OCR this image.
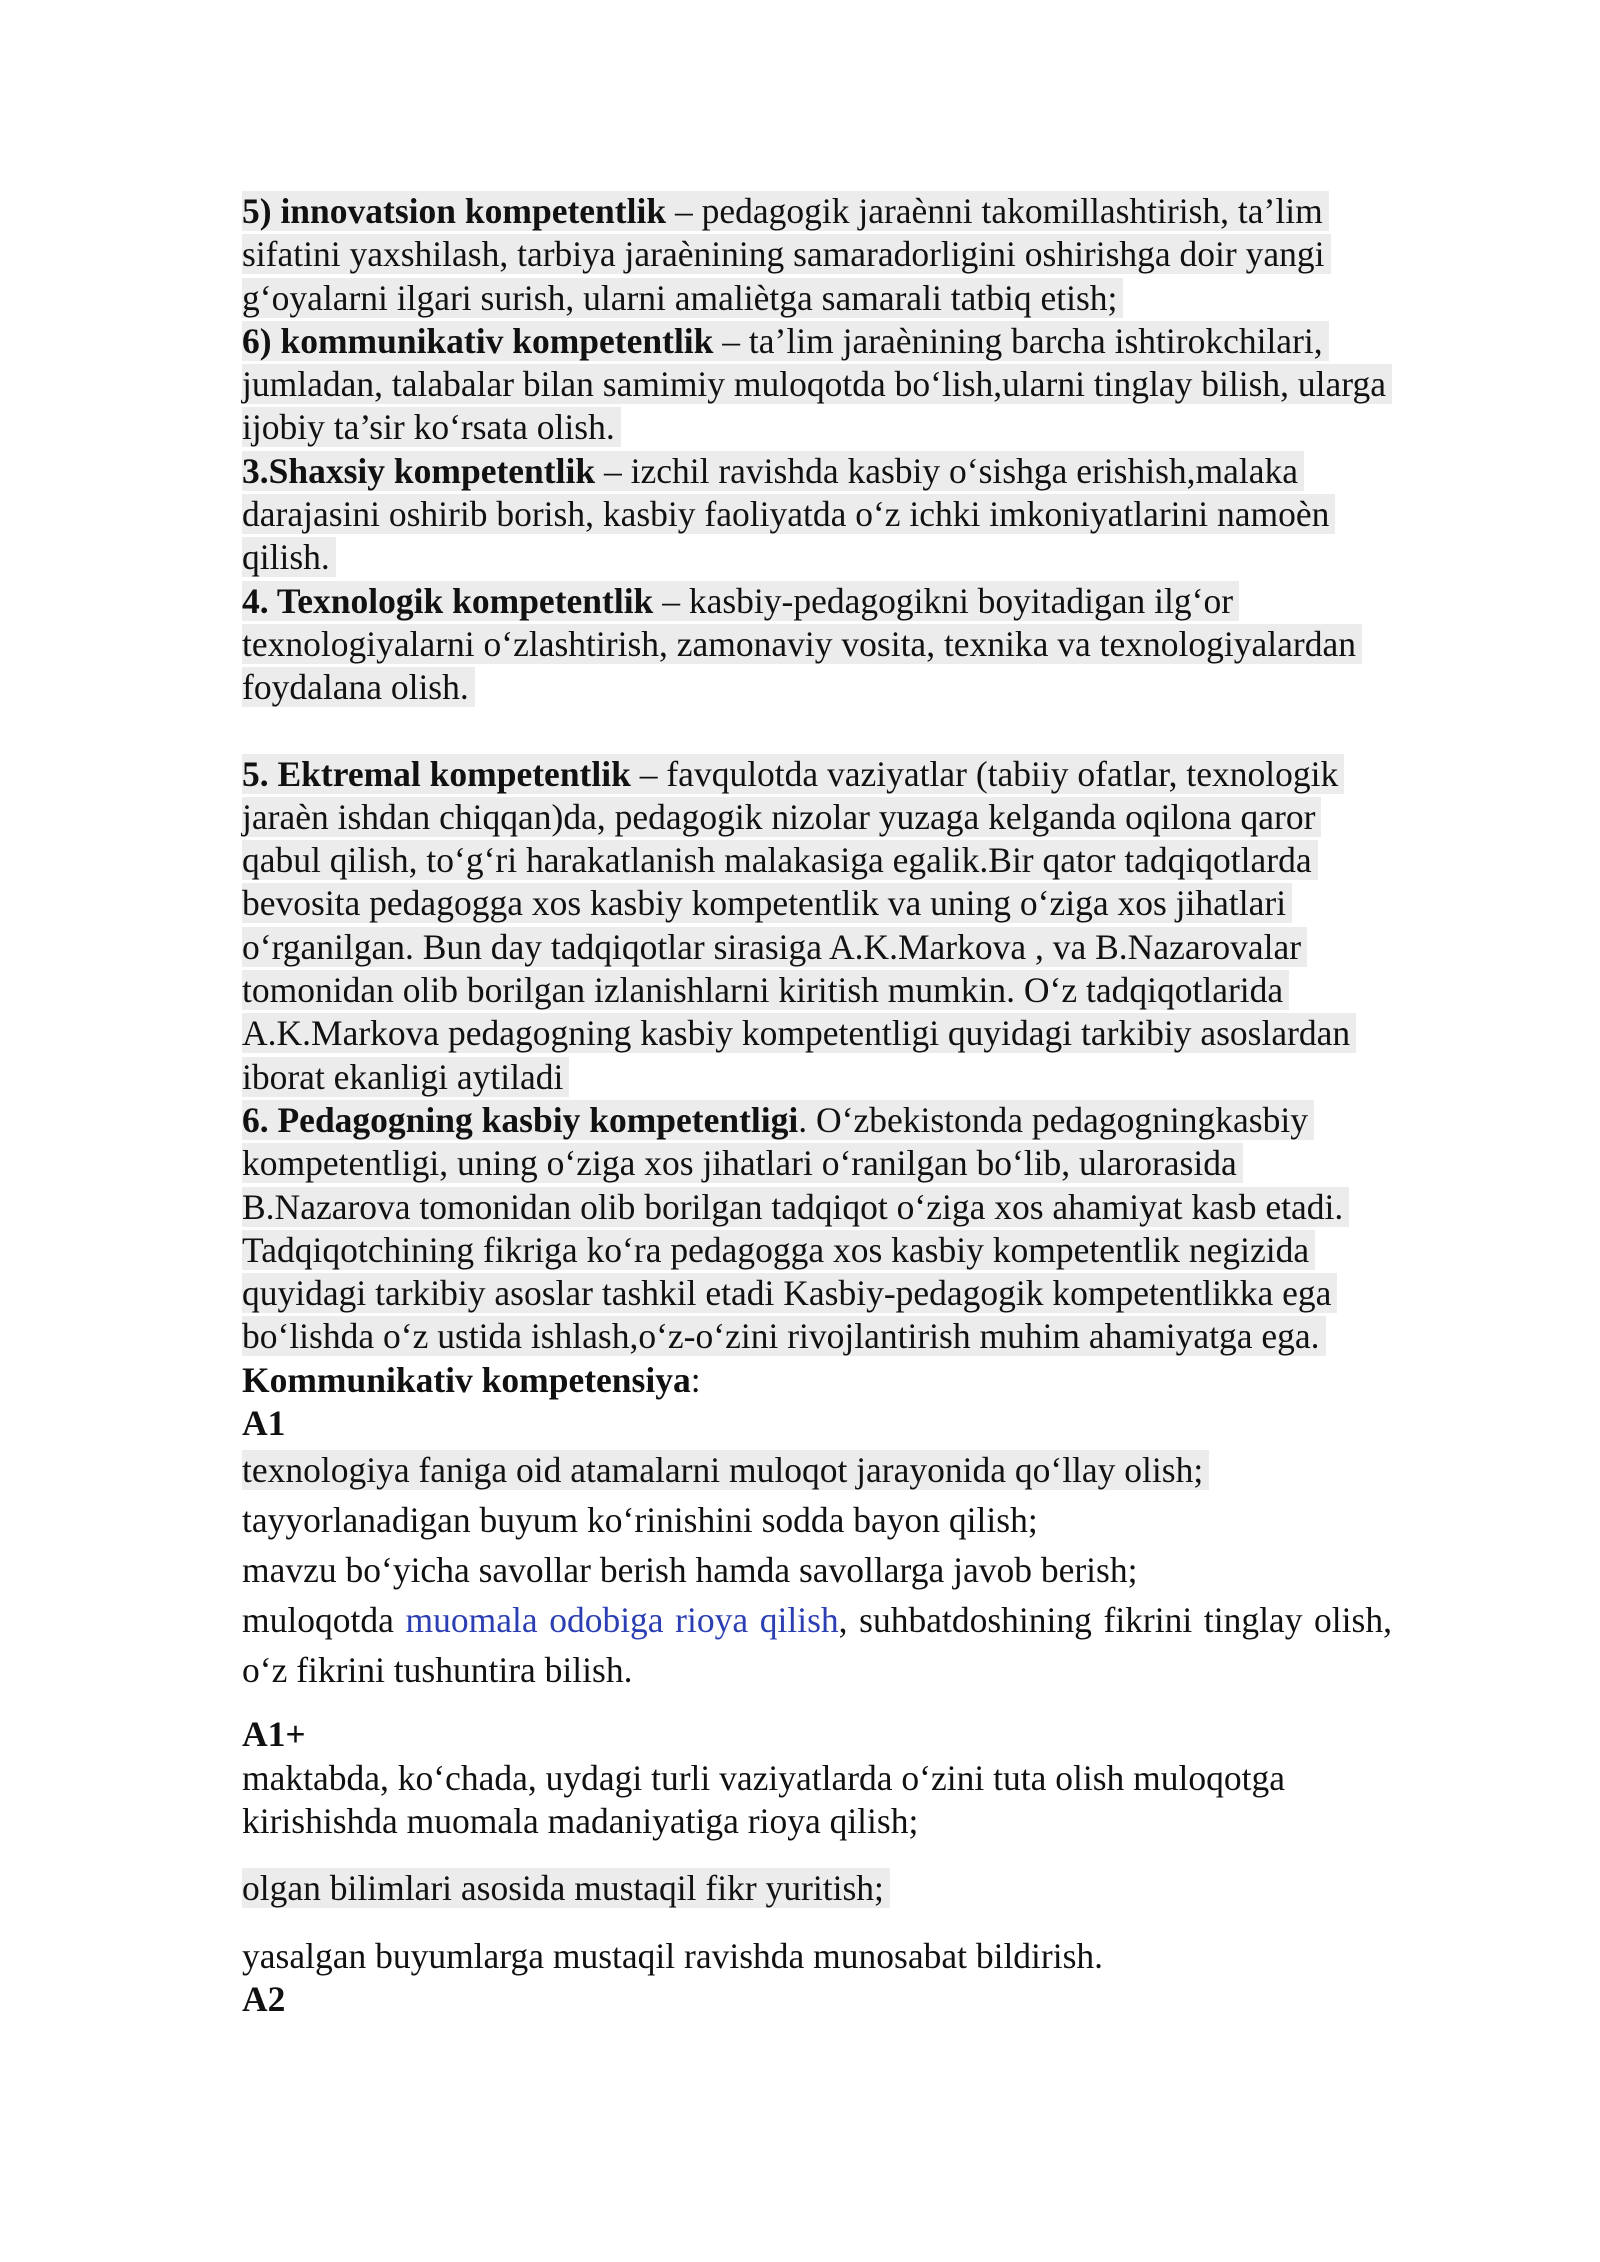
5) innovatsion kompetentlik – pedagogik jaraènni takomillashtirish, ta’lim sifatini yaxshilash, tarbiya jaraènining samaradorligini oshirishga doir yangi g‘oyalarni ilgari surish, ularni amaliètga samarali tatbiq etish;

6) kommunikativ kompetentlik – ta’lim jaraènining barcha ishtirokchilari, jumladan, talabalar bilan samimiy muloqotda bo‘lish,ularni tinglay bilish, ularga ijobiy ta’sir ko‘rsata olish.

3.Shaxsiy kompetentlik – izchil ravishda kasbiy o‘sishga erishish,malaka darajasini oshirib borish, kasbiy faoliyatda o‘z ichki imkoniyatlarini namoèn qilish.

4. Texnologik kompetentlik – kasbiy-pedagogikni boyitadigan ilg‘or texnologiyalarni o‘zlashtirish, zamonaviy vosita, texnika va texnologiyalardan foydalana olish.

5. Ektremal kompetentlik – favqulotda vaziyatlar (tabiiy ofatlar, texnologik jaraèn ishdan chiqqan)da, pedagogik nizolar yuzaga kelganda oqilona qaror qabul qilish, to‘g‘ri harakatlanish malakasiga egalik.Bir qator tadqiqotlarda bevosita pedagogga xos kasbiy kompetentlik va uning o‘ziga xos jihatlari o‘rganilgan. Bun day tadqiqotlar sirasiga A.K.Markova , va B.Nazarovalar tomonidan olib borilgan izlanishlarni kiritish mumkin. O‘z tadqiqotlarida A.K.Markova pedagogning kasbiy kompetentligi quyidagi tarkibiy asoslardan iborat ekanligi aytiladi

6. Pedagogning kasbiy kompetentligi. O‘zbekistonda pedagogningkasbiy kompetentligi, uning o‘ziga xos jihatlari o‘ranilgan bo‘lib, ularorasida B.Nazarova tomonidan olib borilgan tadqiqot o‘ziga xos ahamiyat kasb etadi. Tadqiqotchining fikriga ko‘ra pedagogga xos kasbiy kompetentlik negizida quyidagi tarkibiy asoslar tashkil etadi Kasbiy-pedagogik kompetentlikka ega bo‘lishda o‘z ustida ishlash,o‘z-o‘zini rivojlantirish muhim ahamiyatga ega.

Kommunikativ kompetensiya:

A1

texnologiya faniga oid atamalarni muloqot jarayonida qo‘llay olish;

tayyorlanadigan buyum ko‘rinishini sodda bayon qilish;

mavzu bo‘yicha savollar berish hamda savollarga javob berish;

muloqotda muomala odobiga rioya qilish, suhbatdoshining fikrini tinglay olish, o‘z fikrini tushuntira bilish.

A1+

maktabda, ko‘chada, uydagi turli vaziyatlarda o‘zini tuta olish muloqotga kirishishda muomala madaniyatiga rioya qilish;

olgan bilimlari asosida mustaqil fikr yuritish;

yasalgan buyumlarga mustaqil ravishda munosabat bildirish.

A2
